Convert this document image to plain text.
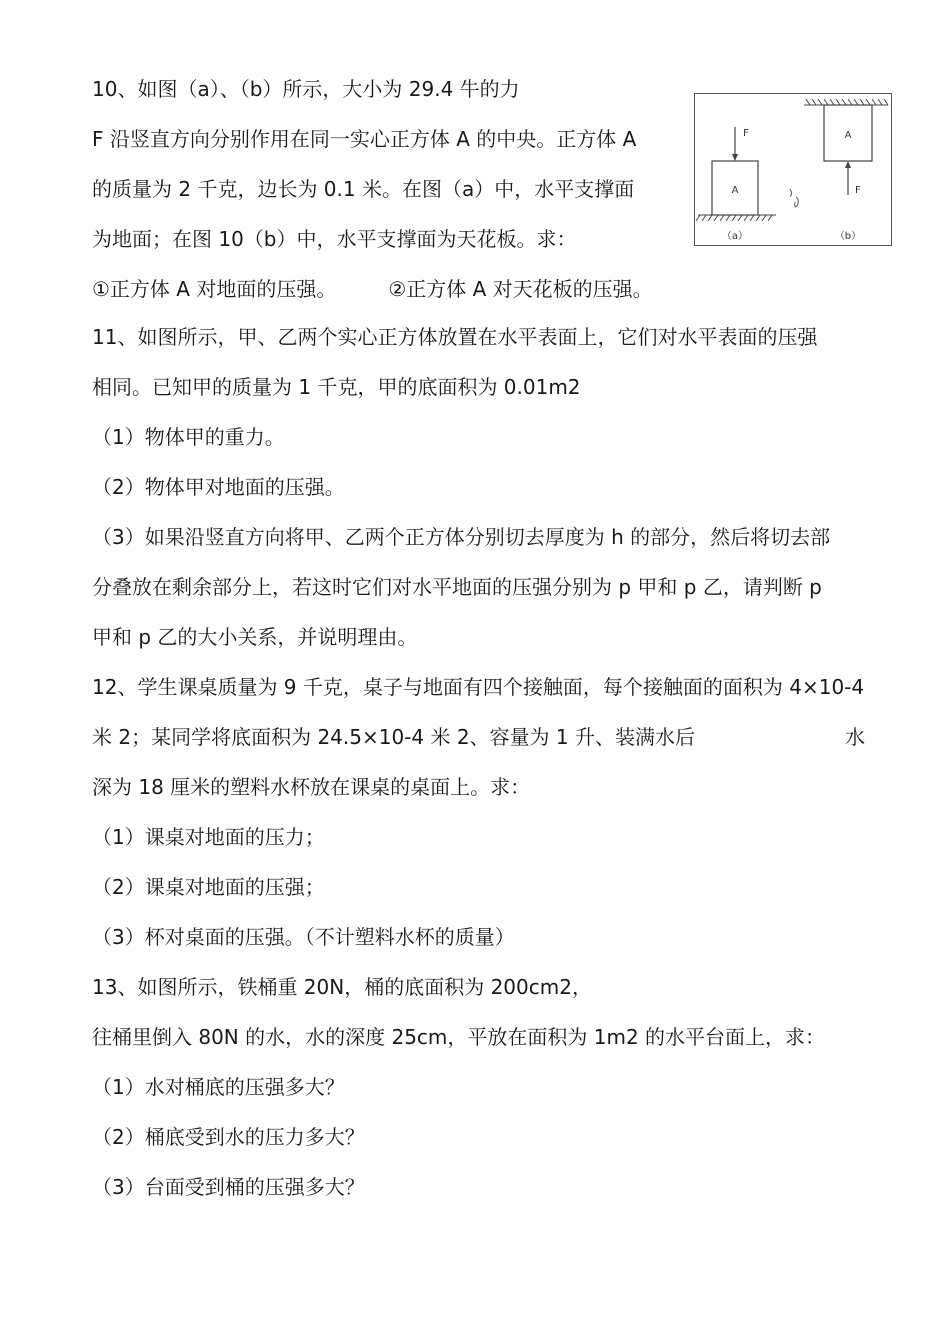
10、如图（a）、（b）所示，大小为 29.4 牛的力
F 沿竖直方向分别作用在同一实心正方体 A 的中央。正方体 A
的质量为 2 千克，边长为 0.1 米。在图（a）中，水平支撑面
为地面；在图 10（b）中，水平支撑面为天花板。求：
①正方体 A 对地面的压强。	②正方体 A 对天花板的压强。
A
F	A
F
（a）	（b）
11、如图所示，甲、乙两个实心正方体放置在水平表面上，它们对水平表面的压强
相同。已知甲的质量为 1 千克，甲的底面积为 0.01m2
（1）物体甲的重力。
（2）物体甲对地面的压强。
（3）如果沿竖直方向将甲、乙两个正方体分别切去厚度为 h 的部分，然后将切去部
分叠放在剩余部分上，若这时它们对水平地面的压强分别为 p 甲和 p 乙，请判断 p
甲和 p 乙的大小关系，并说明理由。
12、学生课桌质量为 9 千克，桌子与地面有四个接触面，每个接触面的面积为 4×10-4
米 2；某同学将底面积为 24.5×10-4 米 2、容量为 1 升、装满水后	水
深为 18 厘米的塑料水杯放在课桌的桌面上。求：
（1）课桌对地面的压力；
（2）课桌对地面的压强；
（3）杯对桌面的压强。（不计塑料水杯的质量）
13、如图所示，铁桶重 20N，桶的底面积为 200cm2，
往桶里倒入 80N 的水，水的深度 25cm，平放在面积为 1m2 的水平台面上，求：
（1）水对桶底的压强多大？
（2）桶底受到水的压力多大？
（3）台面受到桶的压强多大？
